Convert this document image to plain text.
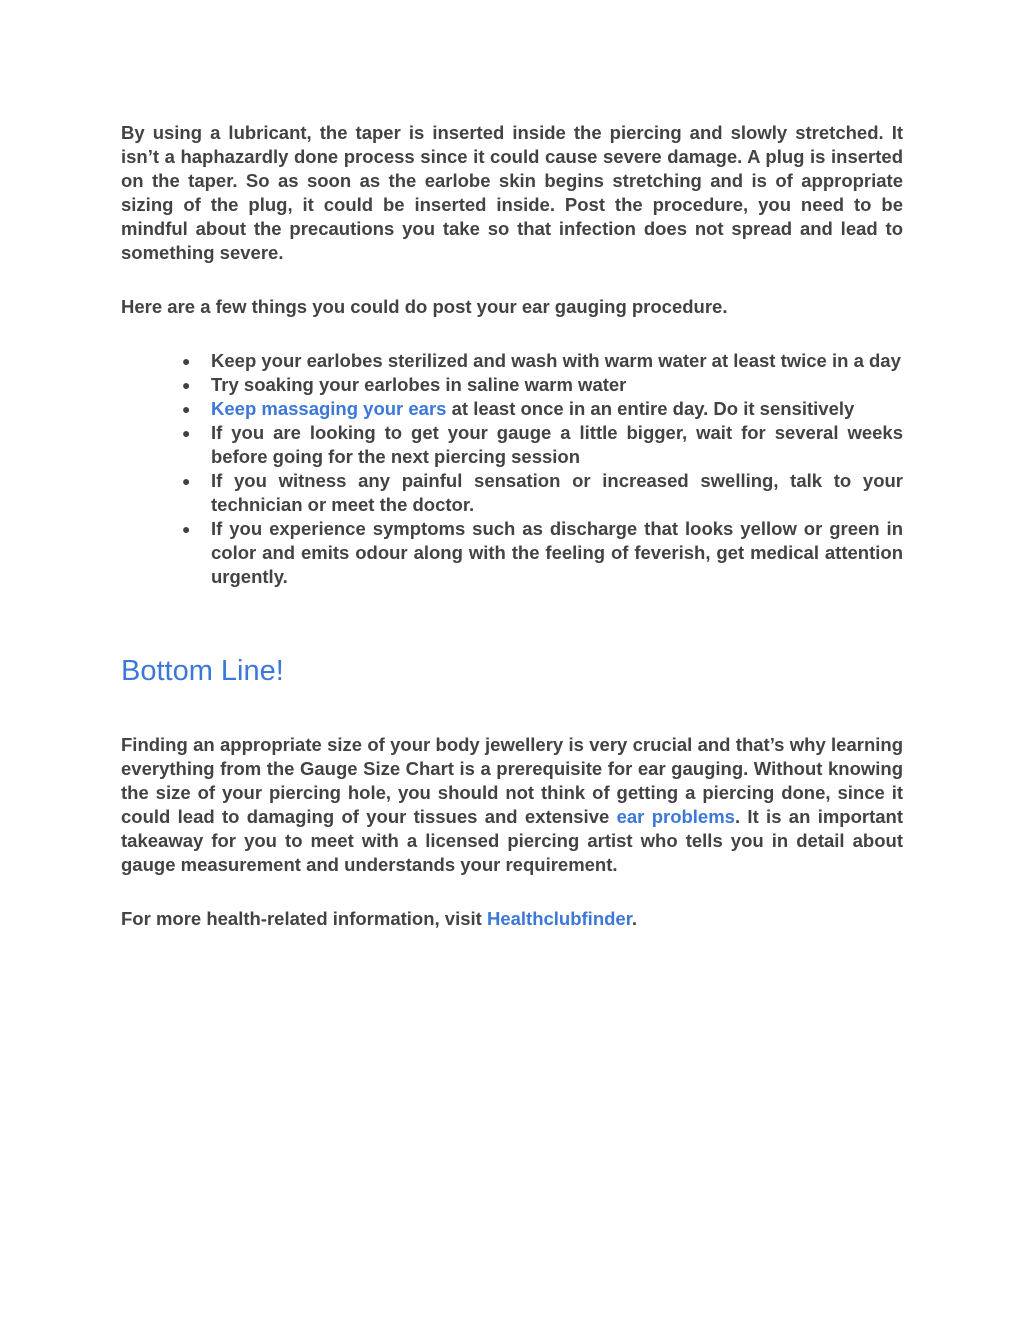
By using a lubricant, the taper is inserted inside the piercing and slowly stretched. It isn’t a haphazardly done process since it could cause severe damage. A plug is inserted on the taper. So as soon as the earlobe skin begins stretching and is of appropriate sizing of the plug, it could be inserted inside. Post the procedure, you need to be mindful about the precautions you take so that infection does not spread and lead to something severe.

Here are a few things you could do post your ear gauging procedure.

● Keep your earlobes sterilized and wash with warm water at least twice in a day
● Try soaking your earlobes in saline warm water
● Keep massaging your ears at least once in an entire day. Do it sensitively
● If you are looking to get your gauge a little bigger, wait for several weeks before going for the next piercing session
● If you witness any painful sensation or increased swelling, talk to your technician or meet the doctor.
● If you experience symptoms such as discharge that looks yellow or green in color and emits odour along with the feeling of feverish, get medical attention urgently.
Bottom Line!

Finding an appropriate size of your body jewellery is very crucial and that’s why learning everything from the Gauge Size Chart is a prerequisite for ear gauging. Without knowing the size of your piercing hole, you should not think of getting a piercing done, since it could lead to damaging of your tissues and extensive ear problems. It is an important takeaway for you to meet with a licensed piercing artist who tells you in detail about gauge measurement and understands your requirement.

For more health-related information, visit Healthclubfinder.
